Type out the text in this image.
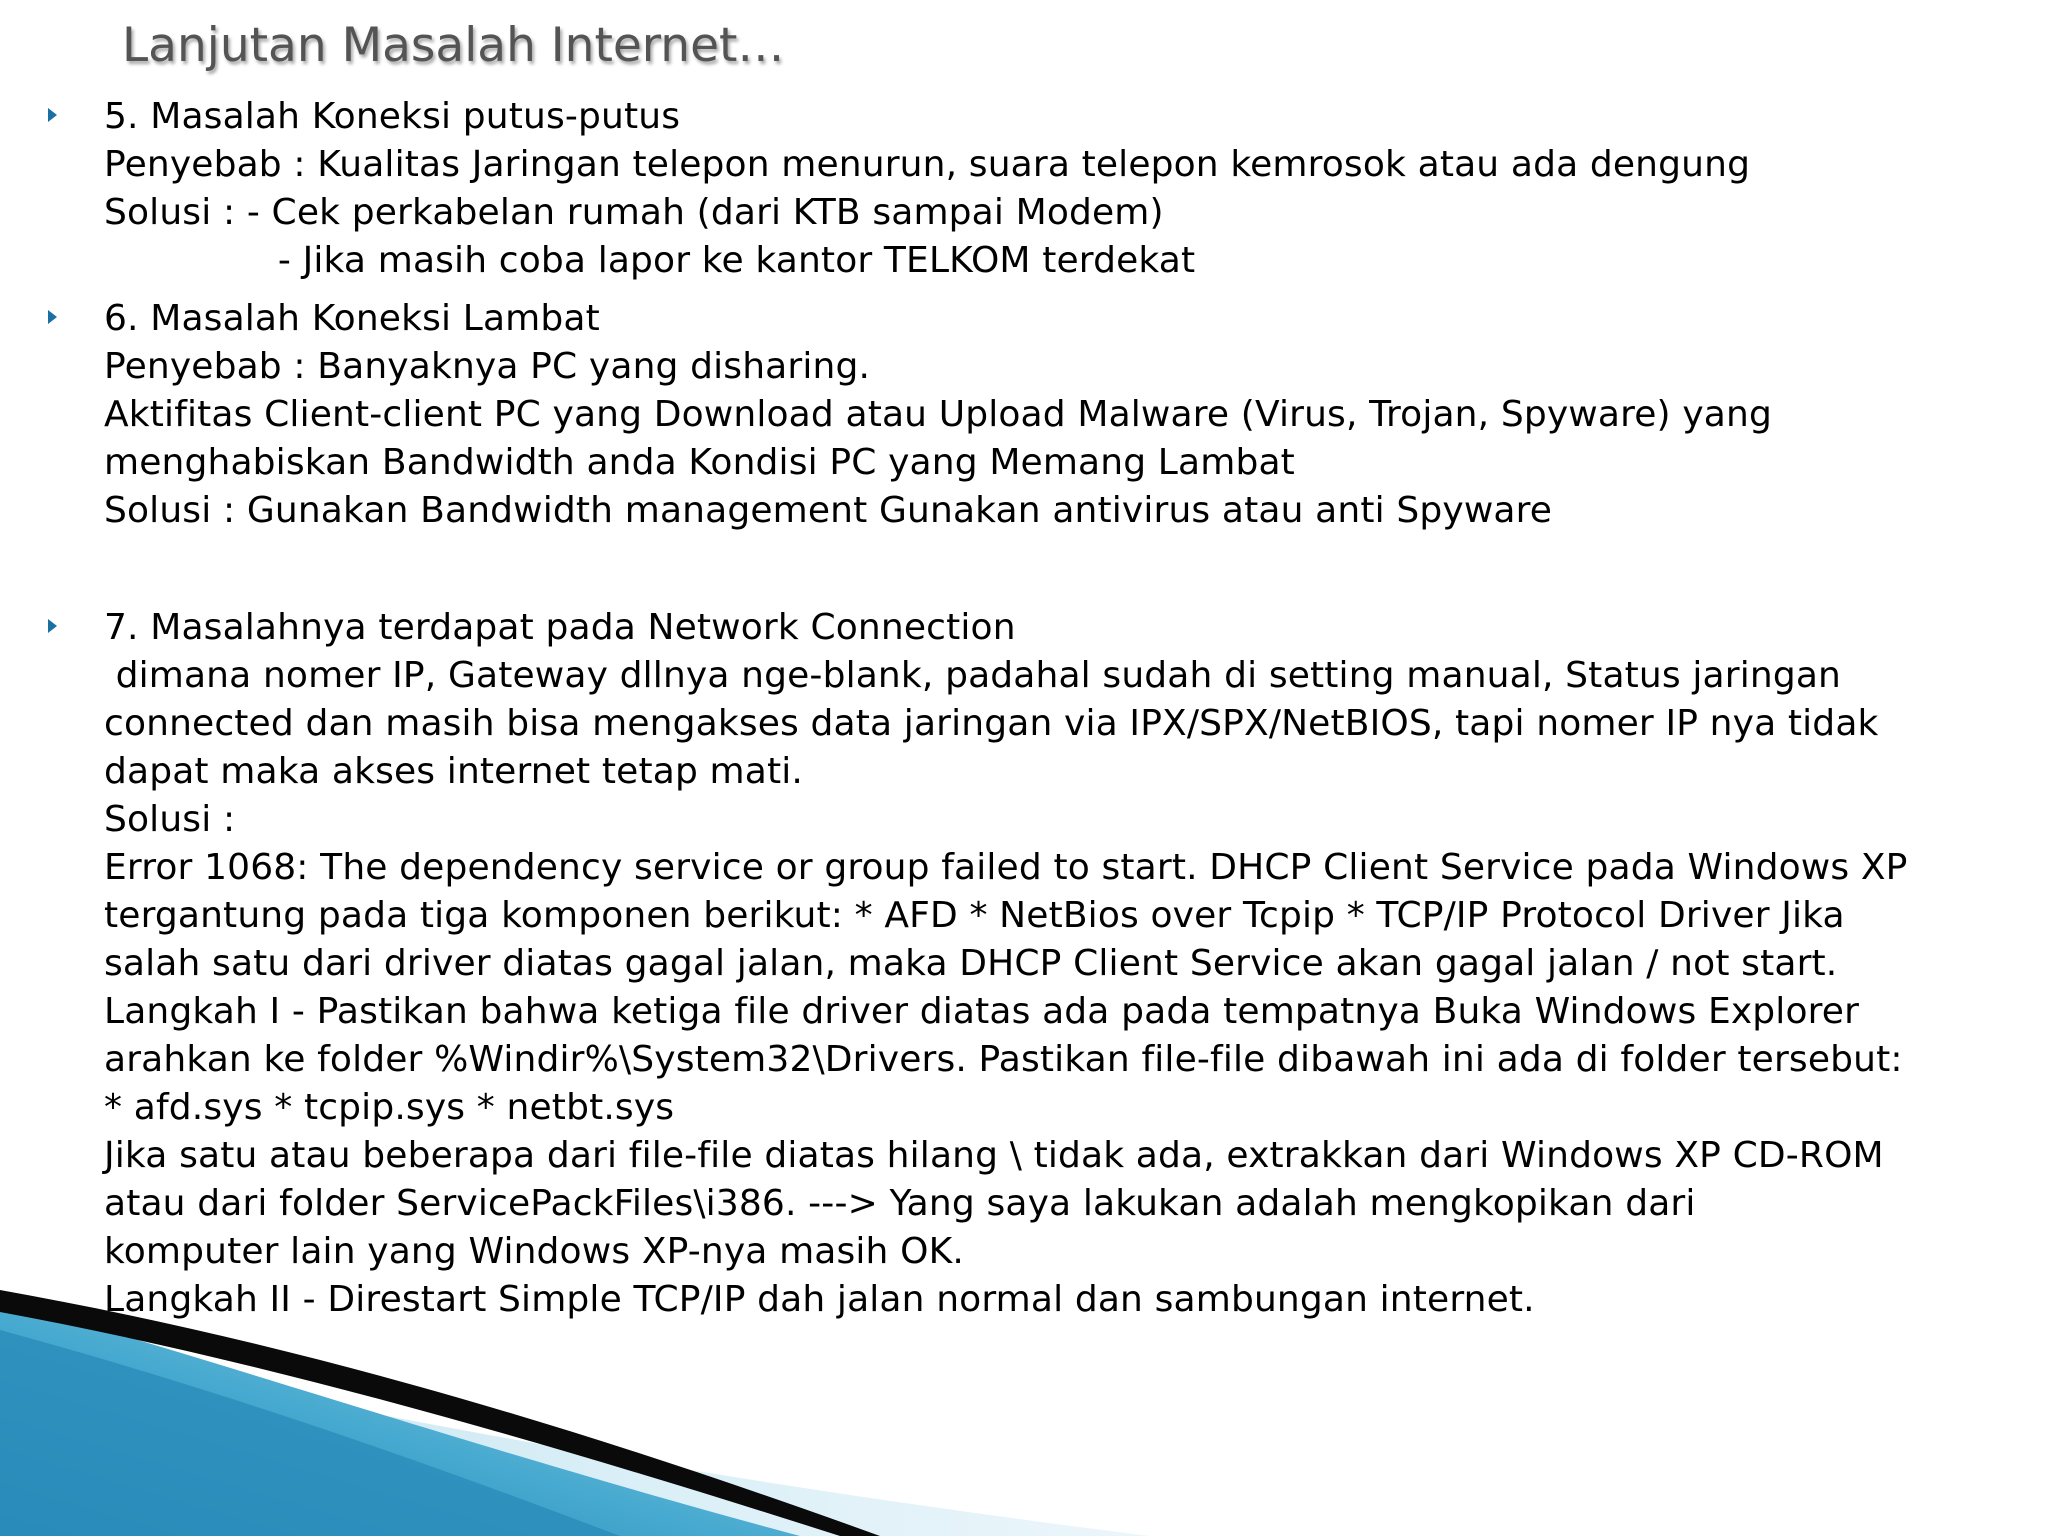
Lanjutan Masalah Internet…
5. Masalah Koneksi putus-putus
Penyebab : Kualitas Jaringan telepon menurun, suara telepon kemrosok atau ada dengung
Solusi : - Cek perkabelan rumah (dari KTB sampai Modem)
- Jika masih coba lapor ke kantor TELKOM terdekat
6. Masalah Koneksi Lambat
Penyebab : Banyaknya PC yang disharing.
Aktifitas Client-client PC yang Download atau Upload Malware (Virus, Trojan, Spyware) yang
menghabiskan Bandwidth anda Kondisi PC yang Memang Lambat
Solusi : Gunakan Bandwidth management Gunakan antivirus atau anti Spyware
7. Masalahnya terdapat pada Network Connection
dimana nomer IP, Gateway dllnya nge-blank, padahal sudah di setting manual, Status jaringan
connected dan masih bisa mengakses data jaringan via IPX/SPX/NetBIOS, tapi nomer IP nya tidak
dapat maka akses internet tetap mati.
Solusi :
Error 1068: The dependency service or group failed to start. DHCP Client Service pada Windows XP
tergantung pada tiga komponen berikut: * AFD * NetBios over Tcpip * TCP/IP Protocol Driver Jika
salah satu dari driver diatas gagal jalan, maka DHCP Client Service akan gagal jalan / not start.
Langkah I - Pastikan bahwa ketiga file driver diatas ada pada tempatnya Buka Windows Explorer
arahkan ke folder %Windir%\System32\Drivers. Pastikan file-file dibawah ini ada di folder tersebut:
* afd.sys * tcpip.sys * netbt.sys
Jika satu atau beberapa dari file-file diatas hilang \ tidak ada, extrakkan dari Windows XP CD-ROM
atau dari folder ServicePackFiles\i386. ---> Yang saya lakukan adalah mengkopikan dari
komputer lain yang Windows XP-nya masih OK.
Langkah II - Direstart Simple TCP/IP dah jalan normal dan sambungan internet.
